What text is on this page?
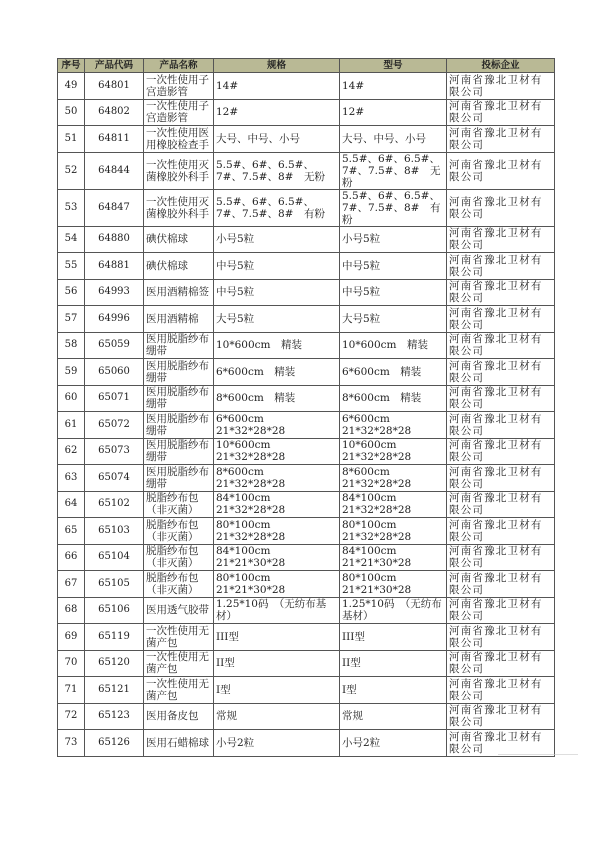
序号	产品代码	产品名称	规格	型号	投标企业
49	64801	一次性使用子宫造影管	14#	14#	河南省豫北卫材有限公司
50	64802	一次性使用子宫造影管	12#	12#	河南省豫北卫材有限公司
51	64811	一次性使用医用橡胶检查手	大号、中号、小号	大号、中号、小号	河南省豫北卫材有限公司
52	64844	一次性使用灭菌橡胶外科手	5.5#、6#、6.5#、7#、7.5#、8#　无粉	5.5#、6#、6.5#、7#、7.5#、8#　无粉	河南省豫北卫材有限公司
53	64847	一次性使用灭菌橡胶外科手	5.5#、6#、6.5#、7#、7.5#、8#　有粉	5.5#、6#、6.5#、7#、7.5#、8#　有粉	河南省豫北卫材有限公司
54	64880	碘伏棉球	小号5粒	小号5粒	河南省豫北卫材有限公司
55	64881	碘伏棉球	中号5粒	中号5粒	河南省豫北卫材有限公司
56	64993	医用酒精棉签	中号5粒	中号5粒	河南省豫北卫材有限公司
57	64996	医用酒精棉	大号5粒	大号5粒	河南省豫北卫材有限公司
58	65059	医用脱脂纱布绷带	10*600cm　精装	10*600cm　精装	河南省豫北卫材有限公司
59	65060	医用脱脂纱布绷带	6*600cm　精装	6*600cm　精装	河南省豫北卫材有限公司
60	65071	医用脱脂纱布绷带	8*600cm　精装	8*600cm　精装	河南省豫北卫材有限公司
61	65072	医用脱脂纱布绷带	6*600cm　21*32*28*28	6*600cm 21*32*28*28	河南省豫北卫材有限公司
62	65073	医用脱脂纱布绷带	10*600cm　21*32*28*28	10*600cm 21*32*28*28	河南省豫北卫材有限公司
63	65074	医用脱脂纱布绷带	8*600cm　21*32*28*28	8*600cm 21*32*28*28	河南省豫北卫材有限公司
64	65102	脱脂纱布包（非灭菌）	84*100cm　21*32*28*28	84*100cm 21*32*28*28	河南省豫北卫材有限公司
65	65103	脱脂纱布包（非灭菌）	80*100cm 21*32*28*28	80*100cm 21*32*28*28	河南省豫北卫材有限公司
66	65104	脱脂纱布包（非灭菌）	84*100cm　21*21*30*28	84*100cm 21*21*30*28	河南省豫北卫材有限公司
67	65105	脱脂纱布包（非灭菌）	80*100cm　21*21*30*28	80*100cm 21*21*30*28	河南省豫北卫材有限公司
68	65106	医用透气胶带	1.25*10码　（无纺布基材）	1.25*10码　（无纺布基材）	河南省豫北卫材有限公司
69	65119	一次性使用无菌产包	III型	III型	河南省豫北卫材有限公司
70	65120	一次性使用无菌产包	II型	II型	河南省豫北卫材有限公司
71	65121	一次性使用无菌产包	I型	I型	河南省豫北卫材有限公司
72	65123	医用备皮包	常规	常规	河南省豫北卫材有限公司
73	65126	医用石蜡棉球	小号2粒	小号2粒	河南省豫北卫材有限公司
